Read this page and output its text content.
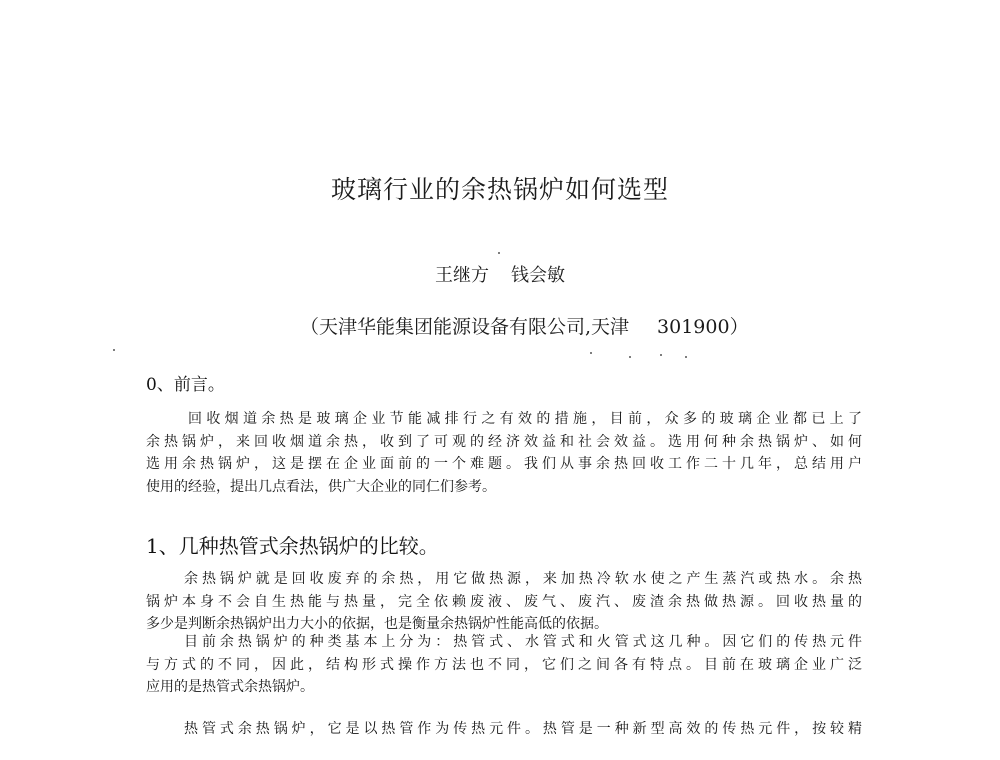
玻璃行业的余热锅炉如何选型
王继方 钱会敏
（天津华能集团能源设备有限公司,天津 301900）
0、前言。

回收烟道余热是玻璃企业节能减排行之有效的措施，目前，众多的玻璃企业都已上了
余热锅炉，来回收烟道余热，收到了可观的经济效益和社会效益。选用何种余热锅炉、如何
选用余热锅炉，这是摆在企业面前的一个难题。我们从事余热回收工作二十几年，总结用户
使用的经验，提出几点看法，供广大企业的同仁们参考。

1、几种热管式余热锅炉的比较。

余热锅炉就是回收废弃的余热，用它做热源，来加热冷软水使之产生蒸汽或热水。余热
锅炉本身不会自生热能与热量，完全依赖废液、废气、废汽、废渣余热做热源。回收热量的
多少是判断余热锅炉出力大小的依据，也是衡量余热锅炉性能高低的依据。

目前余热锅炉的种类基本上分为：热管式、水管式和火管式这几种。因它们的传热元件
与方式的不同，因此，结构形式操作方法也不同，它们之间各有特点。目前在玻璃企业广泛
应用的是热管式余热锅炉。

热管式余热锅炉，它是以热管作为传热元件。热管是一种新型高效的传热元件，按较精
